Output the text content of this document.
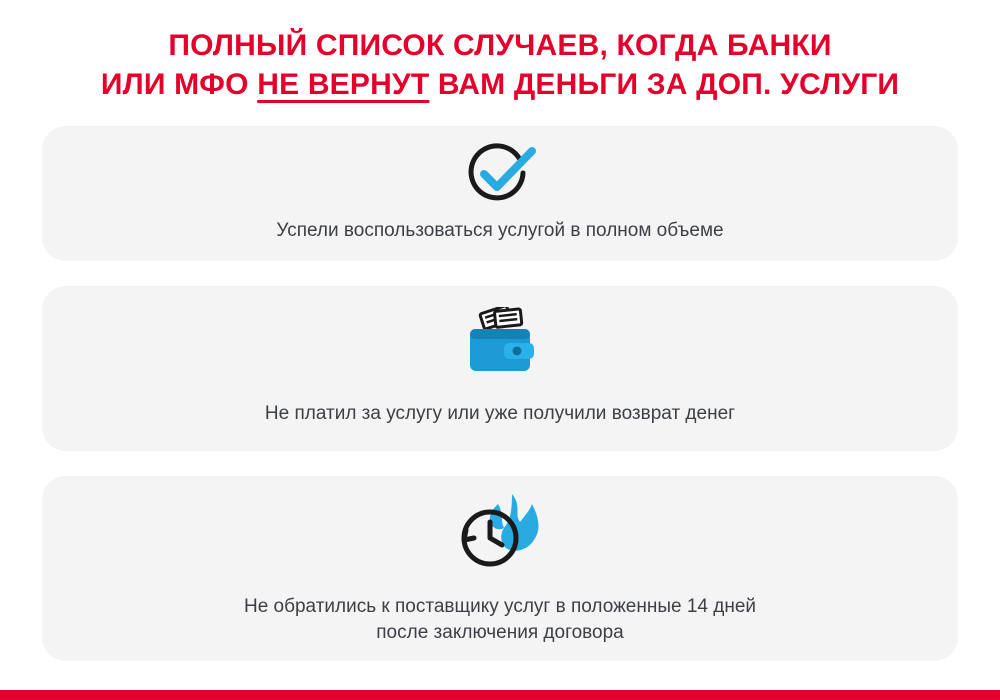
ПОЛНЫЙ СПИСОК СЛУЧАЕВ, КОГДА БАНКИ
ИЛИ МФО НЕ ВЕРНУТ ВАМ ДЕНЬГИ ЗА ДОП. УСЛУГИ
Успели воспользоваться услугой в полном объеме
Не платил за услугу или уже получили возврат денег
Не обратились к поставщику услуг в положенные 14 дней
после заключения договора
